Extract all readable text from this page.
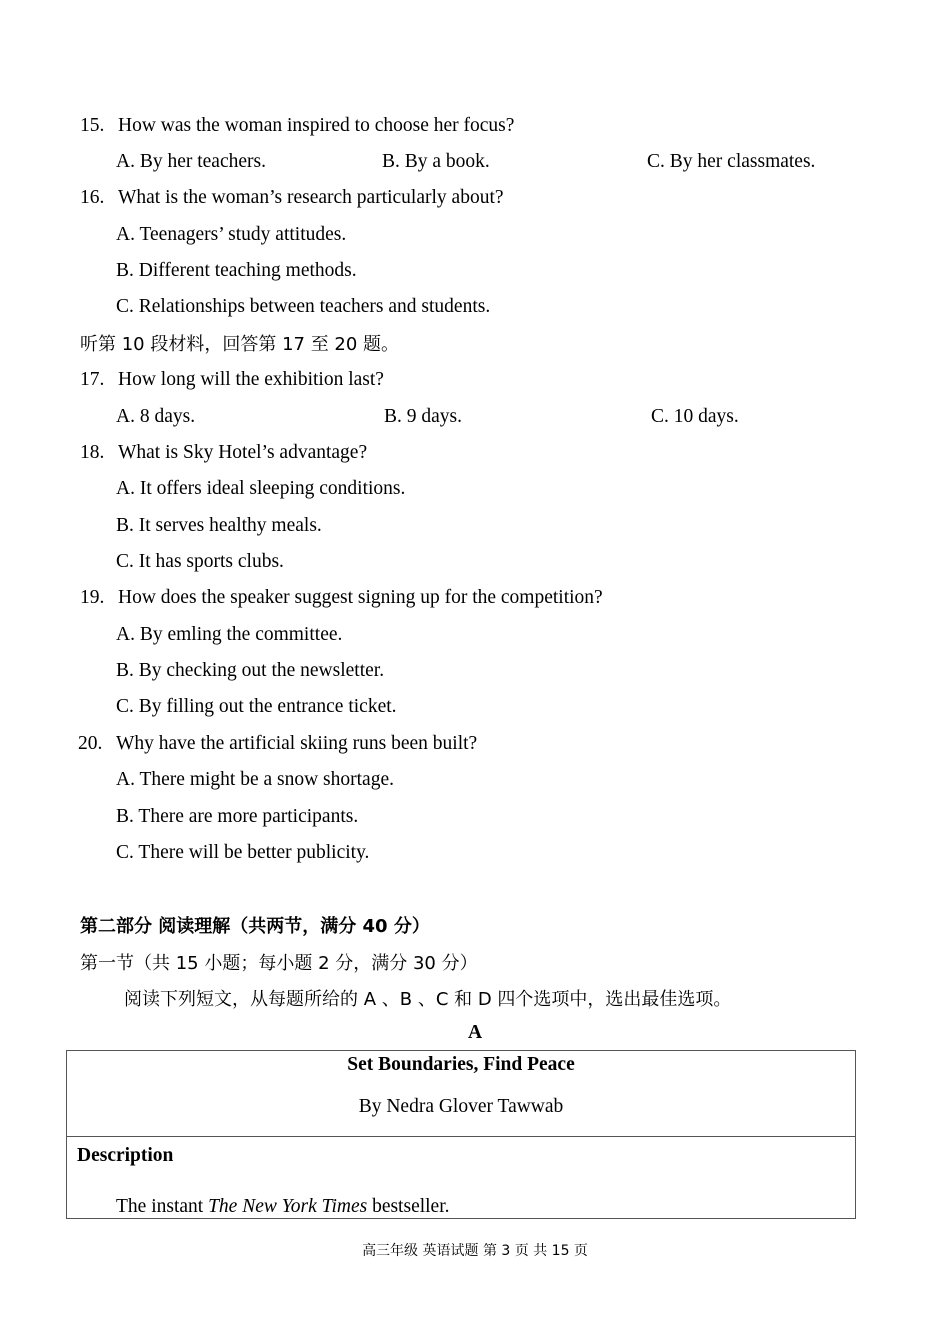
15. How was the woman inspired to choose her focus?
A. By her teachers.	B. By a book.	C. By her classmates.
16. What is the woman’s research particularly about?
A. Teenagers’ study attitudes.
B. Different teaching methods.
C. Relationships between teachers and students.
听第 10 段材料，回答第 17 至 20 题。
17. How long will the exhibition last?
A. 8 days.	B. 9 days.	C. 10 days.
18. What is Sky Hotel’s advantage?
A. It offers ideal sleeping conditions.
B. It serves healthy meals.
C. It has sports clubs.
19. How does the speaker suggest signing up for the competition?
A. By emling the committee.
B. By checking out the newsletter.
C. By filling out the entrance ticket.
20. Why have the artificial skiing runs been built?
A. There might be a snow shortage.
B. There are more participants.
C. There will be better publicity.
第二部分 阅读理解（共两节，满分 40 分）
第一节（共 15 小题；每小题 2 分，满分 30 分）
阅读下列短文，从每题所给的 A 、B 、C 和 D 四个选项中，选出最佳选项。
A
Set Boundaries, Find Peace
By Nedra Glover Tawwab
Description
The instant The New York Times bestseller.
高三年级 英语试题 第 3 页 共 15 页
